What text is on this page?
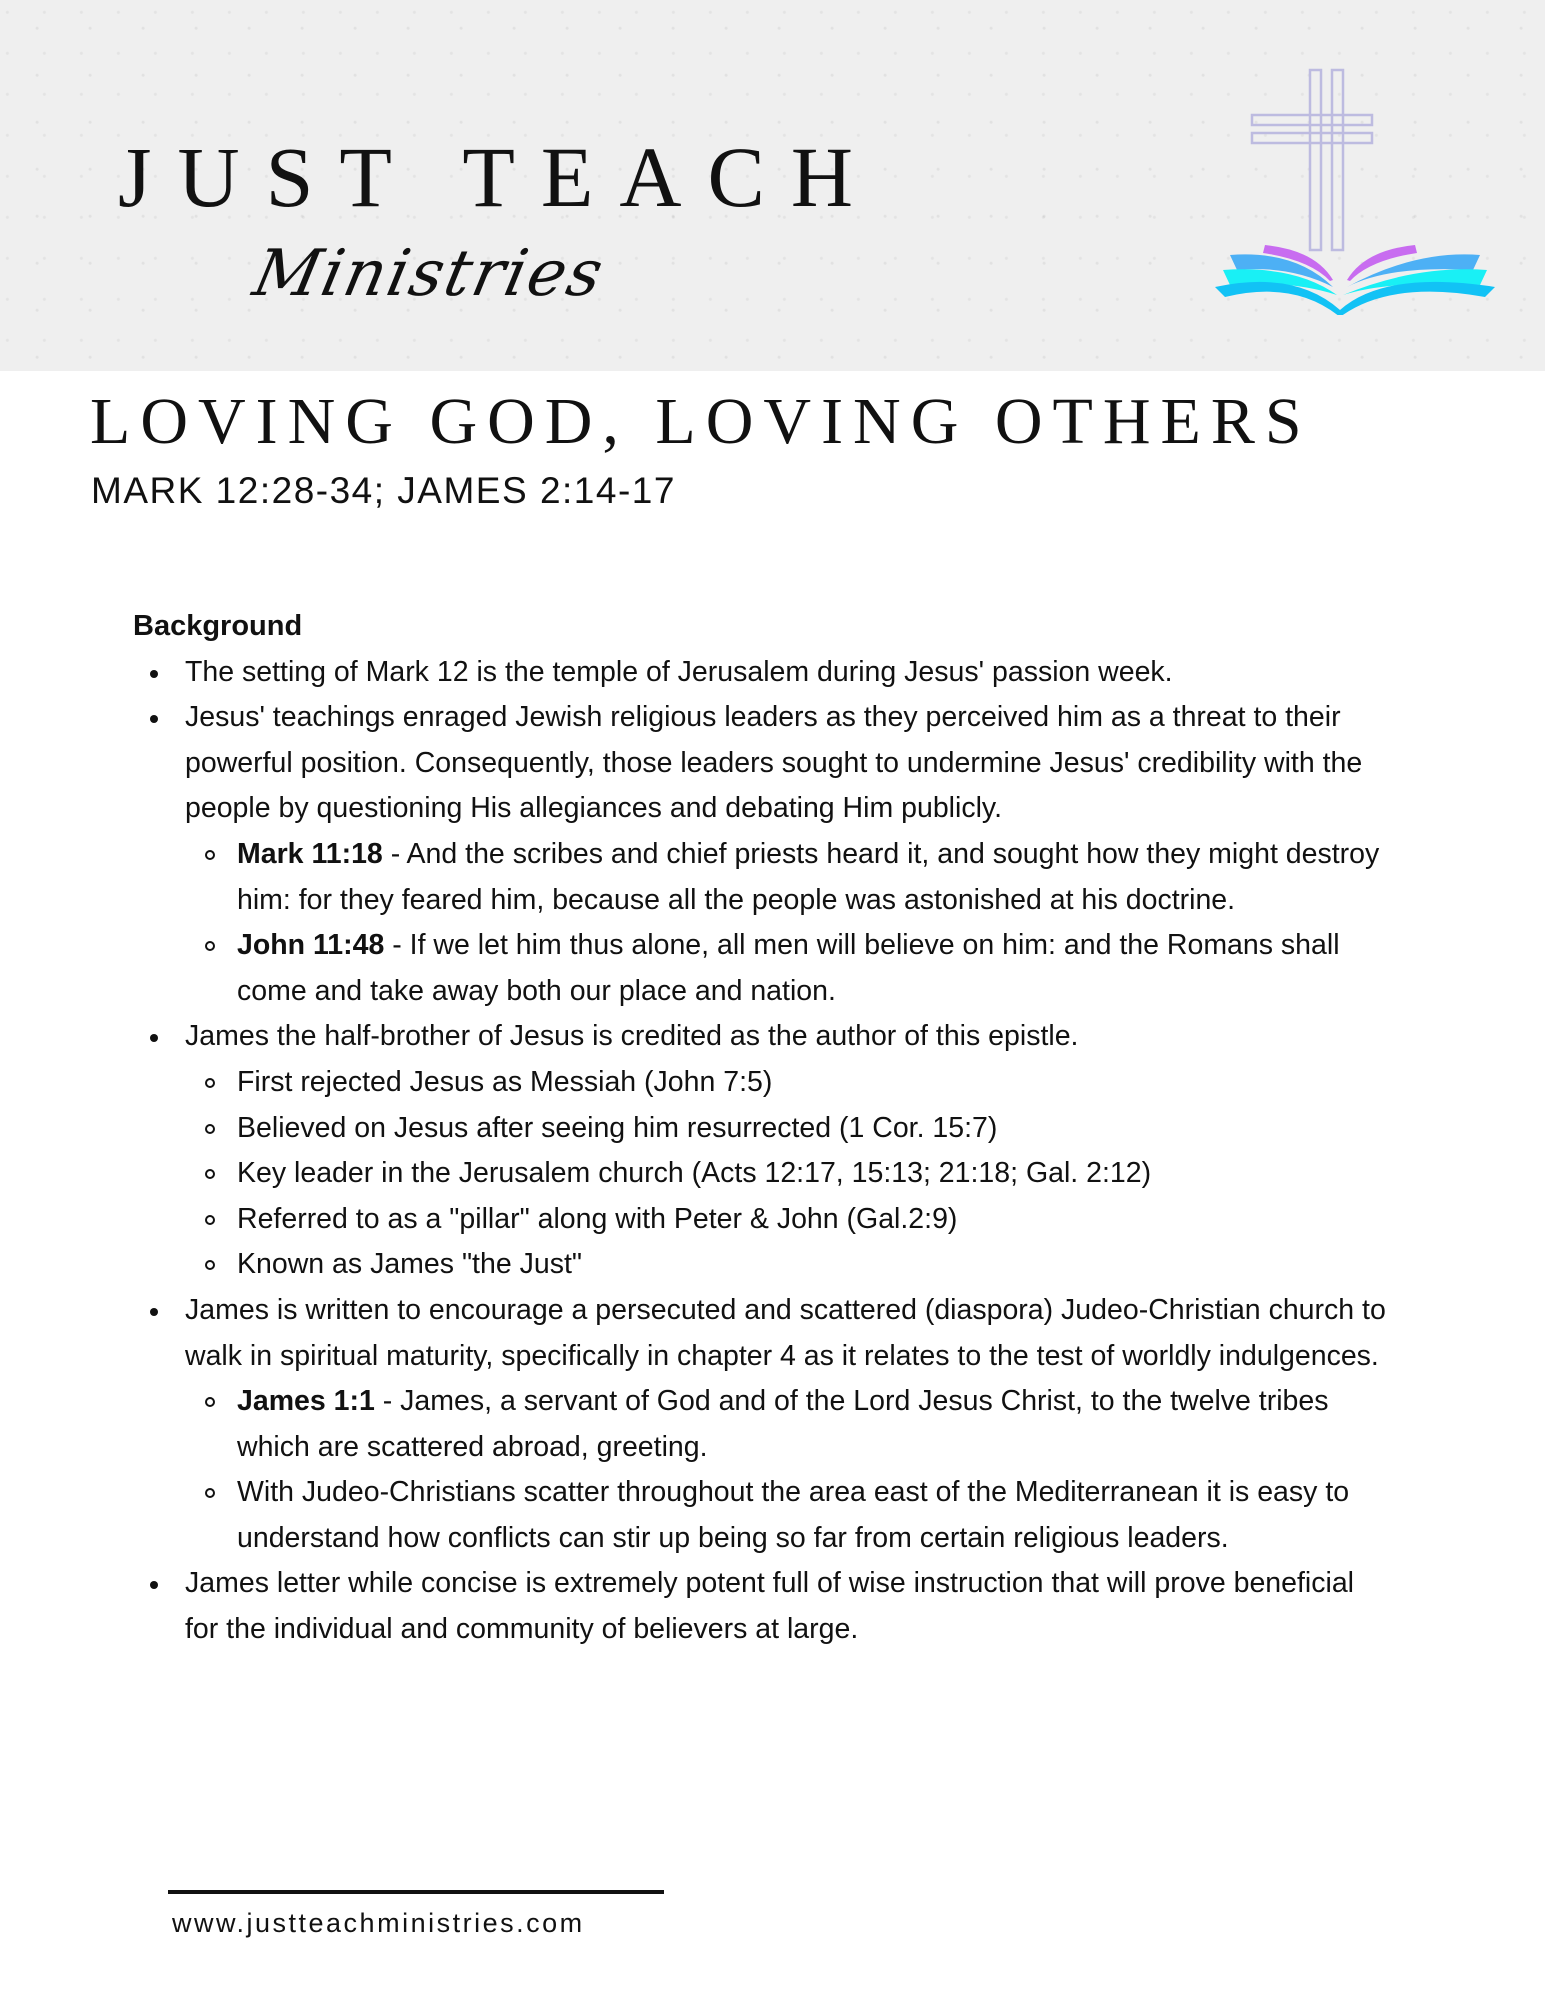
JUST TEACH
Ministries
LOVING GOD, LOVING OTHERS
MARK 12:28-34; JAMES 2:14-17
Background
The setting of Mark 12 is the temple of Jerusalem during Jesus' passion week.
Jesus' teachings enraged Jewish religious leaders as they perceived him as a threat to their powerful position. Consequently, those leaders sought to undermine Jesus' credibility with the people by questioning His allegiances and debating Him publicly.
Mark 11:18 - And the scribes and chief priests heard it, and sought how they might destroy him: for they feared him, because all the people was astonished at his doctrine.
John 11:48 - If we let him thus alone, all men will believe on him: and the Romans shall come and take away both our place and nation.
James the half-brother of Jesus is credited as the author of this epistle.
First rejected Jesus as Messiah (John 7:5)
Believed on Jesus after seeing him resurrected (1 Cor. 15:7)
Key leader in the Jerusalem church (Acts 12:17, 15:13; 21:18; Gal. 2:12)
Referred to as a "pillar" along with Peter & John (Gal.2:9)
Known as James "the Just"
James is written to encourage a persecuted and scattered (diaspora) Judeo-Christian church to walk in spiritual maturity, specifically in chapter 4 as it relates to the test of worldly indulgences.
James 1:1 - James, a servant of God and of the Lord Jesus Christ, to the twelve tribes which are scattered abroad, greeting.
With Judeo-Christians scatter throughout the area east of the Mediterranean it is easy to understand how conflicts can stir up being so far from certain religious leaders.
James letter while concise is extremely potent full of wise instruction that will prove beneficial for the individual and community of believers at large.
www.justteachministries.com
